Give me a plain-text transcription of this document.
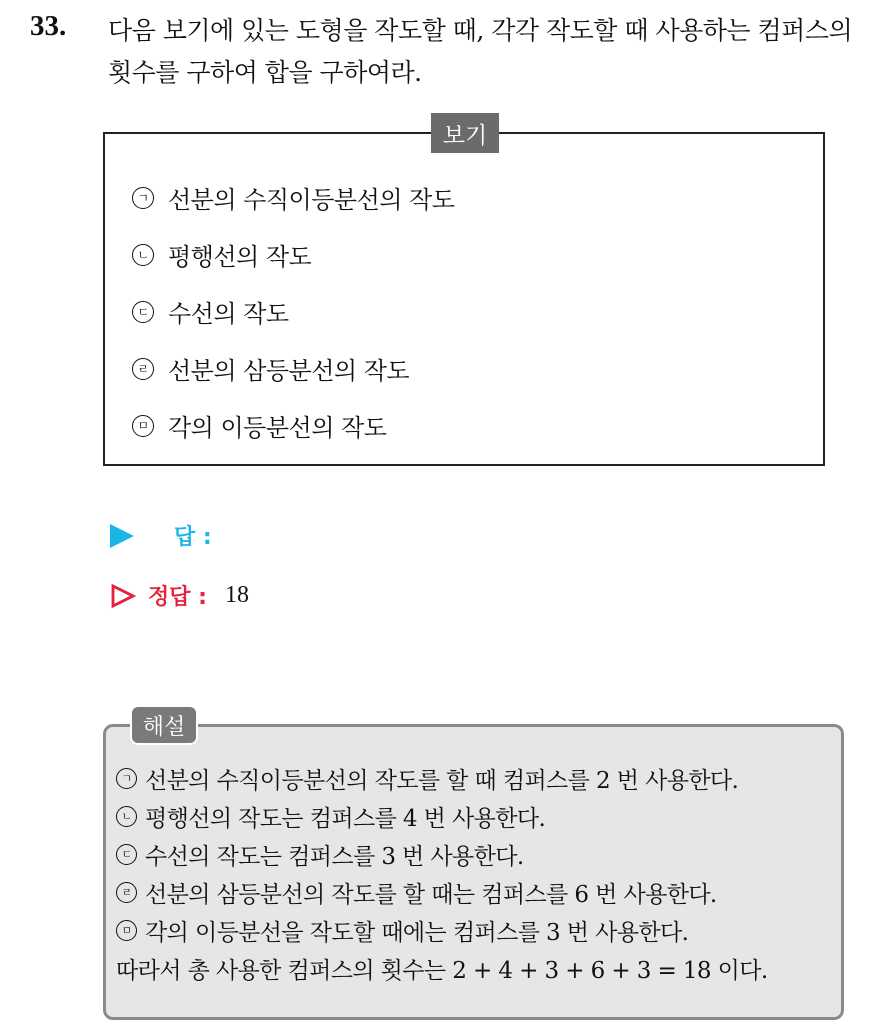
33. 다음 보기에 있는 도형을 작도할 때, 각각 작도할 때 사용하는 컴퍼스의
횟수를 구하여 합을 구하여라.
보기
ㄱ 선분의 수직이등분선의 작도
ㄴ 평행선의 작도
ㄷ 수선의 작도
ㄹ 선분의 삼등분선의 작도
ㅁ 각의 이등분선의 작도
답 :
정답 : 18
해설
ㄱ 선분의 수직이등분선의 작도를 할 때 컴퍼스를 2 번 사용한다.
ㄴ 평행선의 작도는 컴퍼스를 4 번 사용한다.
ㄷ 수선의 작도는 컴퍼스를 3 번 사용한다.
ㄹ 선분의 삼등분선의 작도를 할 때는 컴퍼스를 6 번 사용한다.
ㅁ 각의 이등분선을 작도할 때에는 컴퍼스를 3 번 사용한다.
따라서 총 사용한 컴퍼스의 횟수는 2 + 4 + 3 + 6 + 3 = 18 이다.
